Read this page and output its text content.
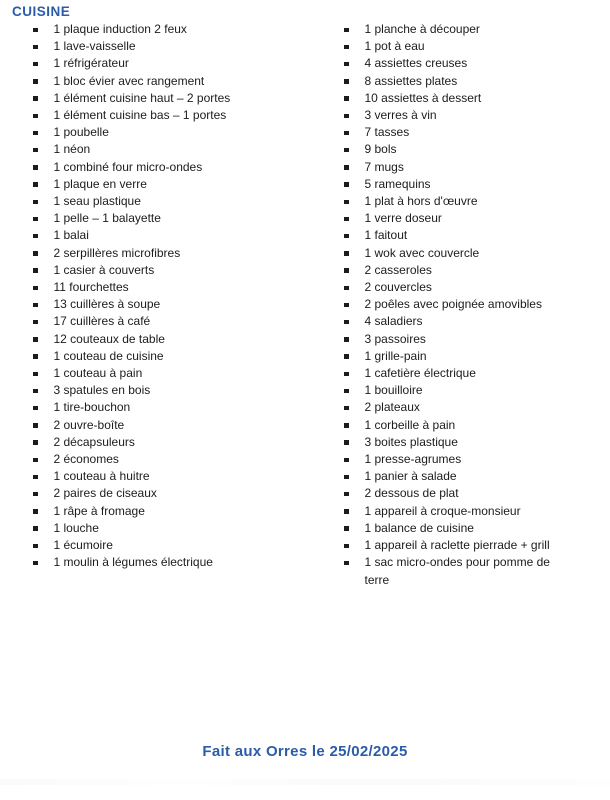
CUISINE
1 plaque induction 2 feux
1 lave-vaisselle
1 réfrigérateur
1 bloc évier avec rangement
1 élément cuisine haut – 2 portes
1 élément cuisine bas – 1 portes
1 poubelle
1 néon
1 combiné four micro-ondes
1 plaque en verre
1 seau plastique
1 pelle – 1 balayette
1 balai
2 serpillères microfibres
1 casier à couverts
11 fourchettes
13 cuillères à soupe
17 cuillères à café
12 couteaux de table
1 couteau de cuisine
1 couteau à pain
3 spatules en bois
1 tire-bouchon
2 ouvre-boîte
2 décapsuleurs
2 économes
1 couteau à huitre
2 paires de ciseaux
1 râpe à fromage
1 louche
1 écumoire
1 moulin à légumes électrique
1 planche à découper
1 pot à eau
4 assiettes creuses
8 assiettes plates
10 assiettes à dessert
3 verres à vin
7 tasses
9 bols
7 mugs
5 ramequins
1 plat à hors d'œuvre
1 verre doseur
1 faitout
1 wok avec couvercle
2 casseroles
2 couvercles
2 poêles avec poignée amovibles
4 saladiers
3 passoires
1 grille-pain
1 cafetière électrique
1 bouilloire
2 plateaux
1 corbeille à pain
3 boites plastique
1 presse-agrumes
1 panier à salade
2 dessous de plat
1 appareil à croque-monsieur
1 balance de cuisine
1 appareil à raclette pierrade + grill
1 sac micro-ondes pour pomme de terre
Fait aux Orres le 25/02/2025
